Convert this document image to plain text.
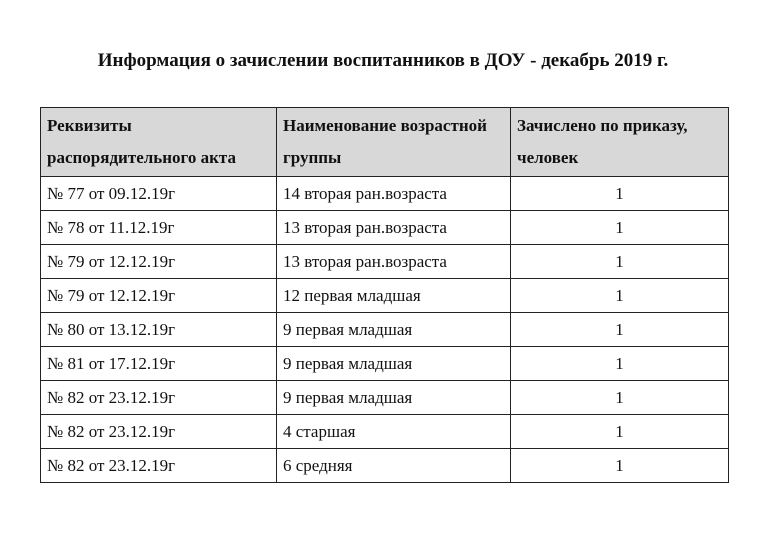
Информация о зачислении воспитанников в ДОУ - декабрь 2019 г.
Реквизиты распорядительного акта	Наименование возрастной группы	Зачислено по приказу, человек
№ 77 от 09.12.19г	14 вторая ран.возраста	1
№ 78 от 11.12.19г	13 вторая ран.возраста	1
№ 79 от 12.12.19г	13 вторая ран.возраста	1
№ 79 от 12.12.19г	12 первая младшая	1
№ 80 от 13.12.19г	9 первая младшая	1
№ 81 от 17.12.19г	9 первая младшая	1
№ 82 от 23.12.19г	9 первая младшая	1
№ 82 от 23.12.19г	4 старшая	1
№ 82 от 23.12.19г	6 средняя	1
